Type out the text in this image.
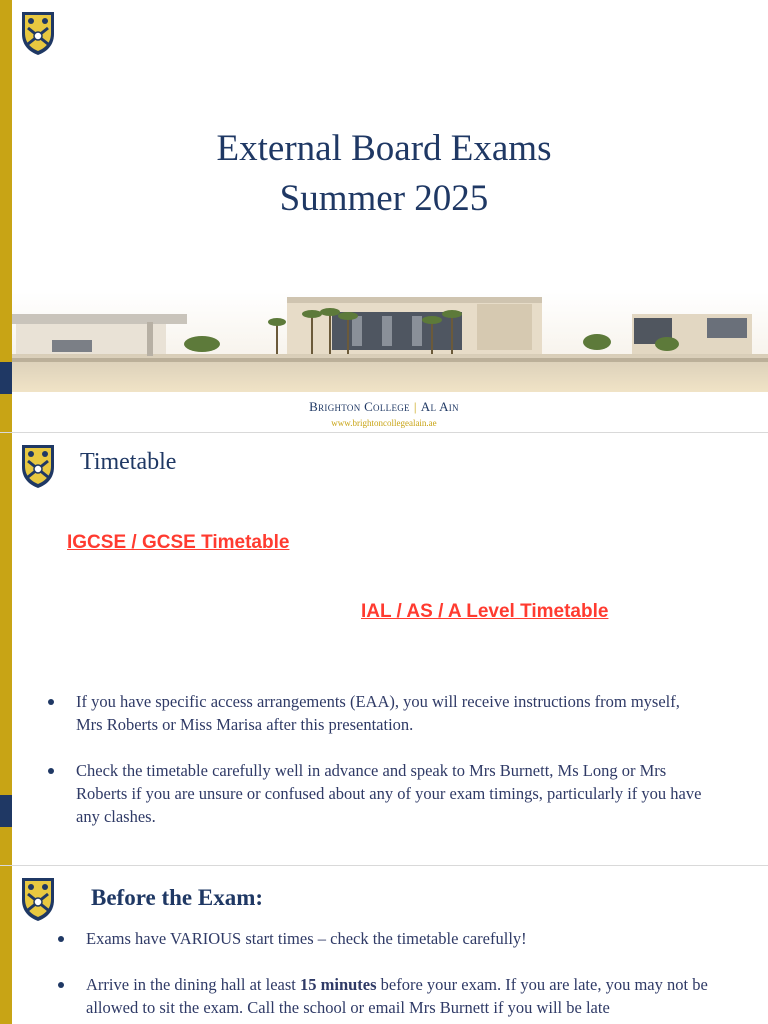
External Board Exams
Summer 2025
Brighton College | Al Ain
www.brightoncollegealain.ae
Timetable
IGCSE / GCSE Timetable
IAL / AS / A Level Timetable
If you have specific access arrangements (EAA), you will receive instructions from myself, Mrs Roberts or Miss Marisa after this presentation.
Check the timetable carefully well in advance and speak to Mrs Burnett, Ms Long or Mrs Roberts if you are unsure or confused about any of your exam timings, particularly if you have any clashes.
Before the Exam:
Exams have VARIOUS start times – check the timetable carefully!
Arrive in the dining hall at least 15 minutes before your exam. If you are late, you may not be allowed to sit the exam. Call the school or email Mrs Burnett if you will be late
